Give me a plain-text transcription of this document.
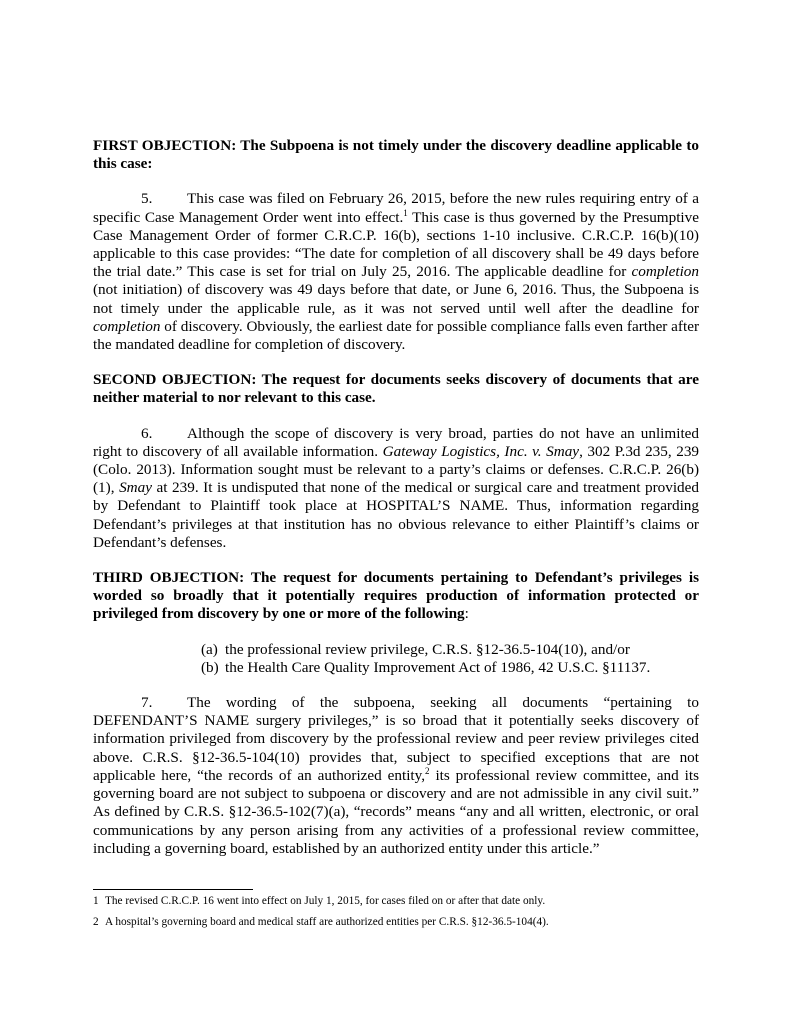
FIRST OBJECTION: The Subpoena is not timely under the discovery deadline applicable to this case:

5. This case was filed on February 26, 2015, before the new rules requiring entry of a specific Case Management Order went into effect.$^1$ This case is thus governed by the Presumptive Case Management Order of former C.R.C.P. 16(b), sections 1-10 inclusive. C.R.C.P. 16(b)(10) applicable to this case provides: “The date for completion of all discovery shall be 49 days before the trial date.” This case is set for trial on July 25, 2016. The applicable deadline for completion (not initiation) of discovery was 49 days before that date, or June 6, 2016. Thus, the Subpoena is not timely under the applicable rule, as it was not served until well after the deadline for completion of discovery. Obviously, the earliest date for possible compliance falls even farther after the mandated deadline for completion of discovery.

SECOND OBJECTION: The request for documents seeks discovery of documents that are neither material to nor relevant to this case.

6. Although the scope of discovery is very broad, parties do not have an unlimited right to discovery of all available information. Gateway Logistics, Inc. v. Smay, 302 P.3d 235, 239 (Colo. 2013). Information sought must be relevant to a party’s claims or defenses. C.R.C.P. 26(b)(1), Smay at 239. It is undisputed that none of the medical or surgical care and treatment provided by Defendant to Plaintiff took place at HOSPITAL’S NAME. Thus, information regarding Defendant’s privileges at that institution has no obvious relevance to either Plaintiff’s claims or Defendant’s defenses.

THIRD OBJECTION: The request for documents pertaining to Defendant’s privileges is worded so broadly that it potentially requires production of information protected or privileged from discovery by one or more of the following:

(a) the professional review privilege, C.R.S. §12-36.5-104(10), and/or
(b) the Health Care Quality Improvement Act of 1986, 42 U.S.C. §11137.

7. The wording of the subpoena, seeking all documents “pertaining to DEFENDANT’S NAME surgery privileges,” is so broad that it potentially seeks discovery of information privileged from discovery by the professional review and peer review privileges cited above. C.R.S. §12-36.5-104(10) provides that, subject to specified exceptions that are not applicable here, “the records of an authorized entity,$^2$ its professional review committee, and its governing board are not subject to subpoena or discovery and are not admissible in any civil suit.” As defined by C.R.S. §12-36.5-102(7)(a), “records” means “any and all written, electronic, or oral communications by any person arising from any activities of a professional review committee, including a governing board, established by an authorized entity under this article.”

1 The revised C.R.C.P. 16 went into effect on July 1, 2015, for cases filed on or after that date only.

2 A hospital’s governing board and medical staff are authorized entities per C.R.S. §12-36.5-104(4).
